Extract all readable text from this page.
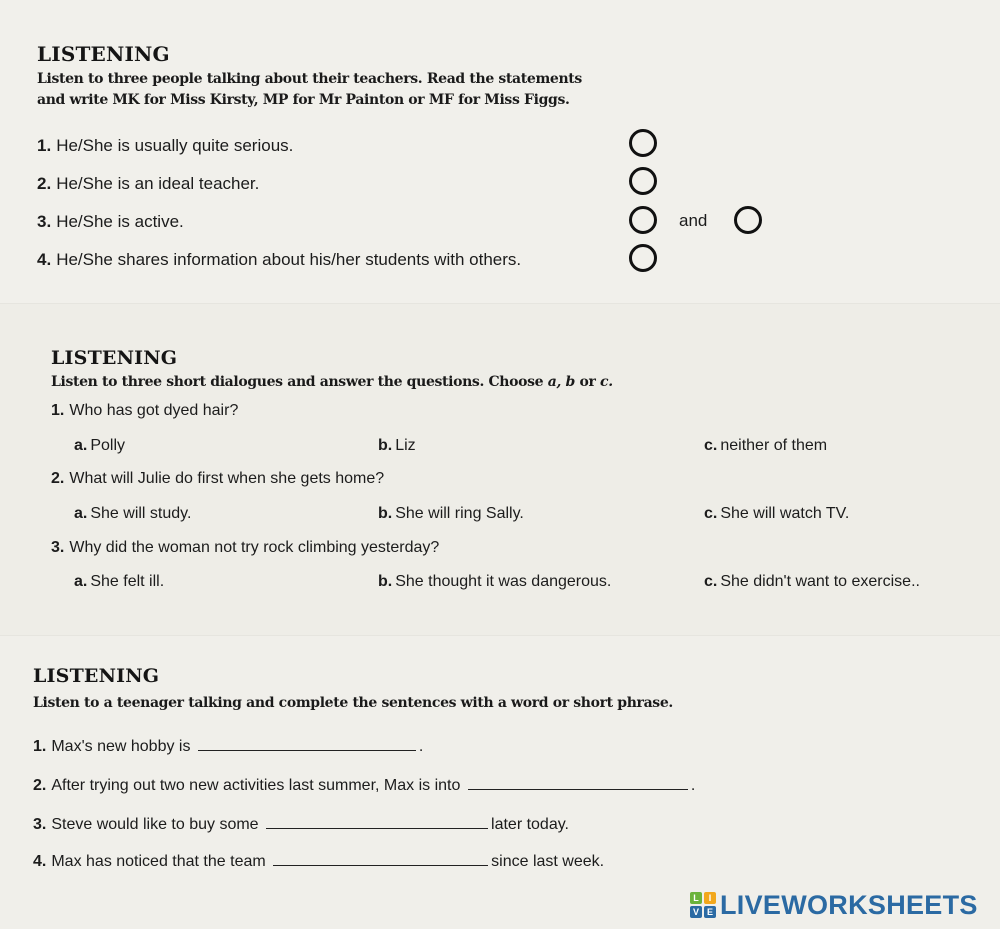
LISTENING
Listen to three people talking about their teachers. Read the statements
and write MK for Miss Kirsty, MP for Mr Painton or MF for Miss Figgs.
1. He/She is usually quite serious.
2. He/She is an ideal teacher.
3. He/She is active.
4. He/She shares information about his/her students with others.
and
LISTENING
Listen to three short dialogues and answer the questions. Choose a, b or c.
1. Who has got dyed hair?
a. Polly	b. Liz	c. neither of them
2. What will Julie do first when she gets home?
a. She will study.	b. She will ring Sally.	c. She will watch TV.
3. Why did the woman not try rock climbing yesterday?
a. She felt ill.	b. She thought it was dangerous.	c. She didn't want to exercise..
LISTENING
Listen to a teenager talking and complete the sentences with a word or short phrase.
1. Max's new hobby is	.
2. After trying out two new activities last summer, Max is into	.
3. Steve would like to buy some	later today.
4. Max has noticed that the team	since last week.
L	I
V E LIVEWORKSHEETS
